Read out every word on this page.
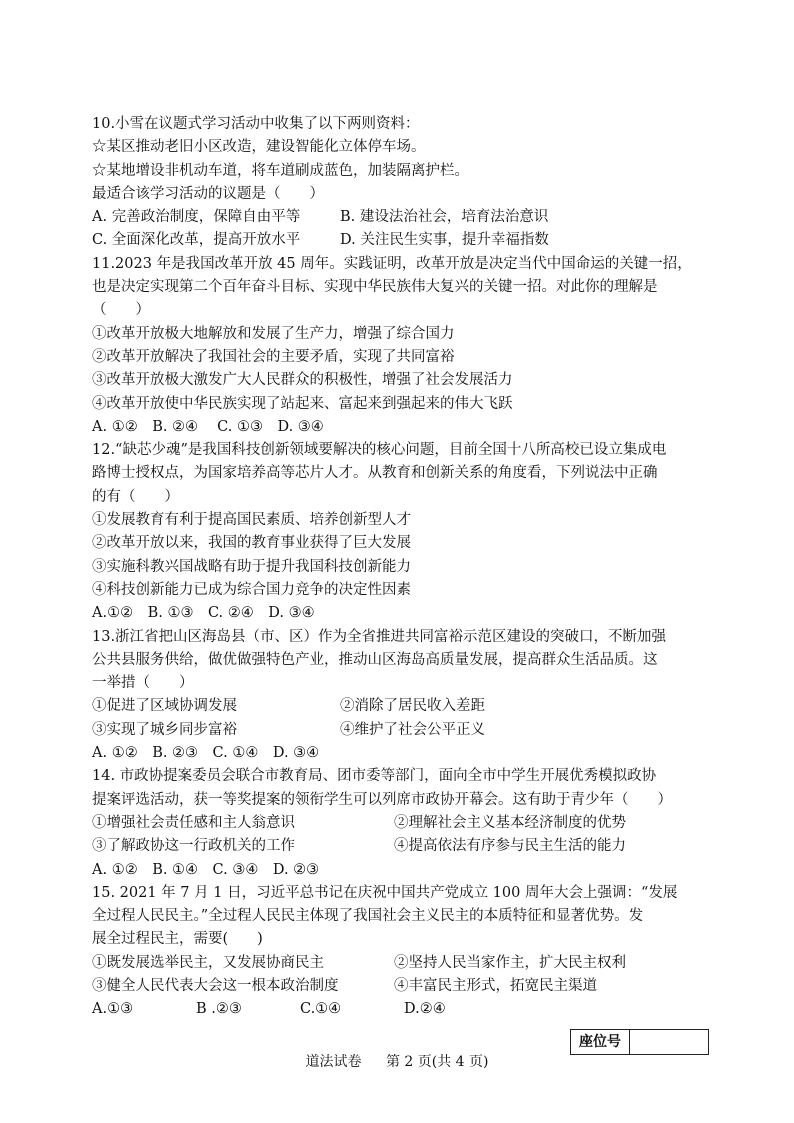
10.小雪在议题式学习活动中收集了以下两则资料：
☆某区推动老旧小区改造，建设智能化立体停车场。
☆某地增设非机动车道，将车道刷成蓝色，加装隔离护栏。
最适合该学习活动的议题是（　　）
A. 完善政治制度，保障自由平等	B. 建设法治社会，培育法治意识
C. 全面深化改革，提高开放水平	D. 关注民生实事，提升幸福指数
11.2023 年是我国改革开放 45 周年。实践证明，改革开放是决定当代中国命运的关键一招，
也是决定实现第二个百年奋斗目标、实现中华民族伟大复兴的关键一招。对此你的理解是
（　　）
①改革开放极大地解放和发展了生产力，增强了综合国力
②改革开放解决了我国社会的主要矛盾，实现了共同富裕
③改革开放极大激发广大人民群众的积极性，增强了社会发展活力
④改革开放使中华民族实现了站起来、富起来到强起来的伟大飞跃
A. ①②　B. ②④　 C. ①③　D. ③④
12.“缺芯少魂”是我国科技创新领域要解决的核心问题，目前全国十八所高校已设立集成电
路博士授权点，为国家培养高等芯片人才。从教育和创新关系的角度看，下列说法中正确
的有（　　）
①发展教育有利于提高国民素质、培养创新型人才
②改革开放以来，我国的教育事业获得了巨大发展
③实施科教兴国战略有助于提升我国科技创新能力
④科技创新能力已成为综合国力竞争的决定性因素
A.①②　B. ①③　C. ②④　D. ③④
13.浙江省把山区海岛县（市、区）作为全省推进共同富裕示范区建设的突破口，不断加强
公共县服务供给，做优做强特色产业，推动山区海岛高质量发展，提高群众生活品质。这
一举措（　　）
①促进了区域协调发展	②消除了居民收入差距
③实现了城乡同步富裕	④维护了社会公平正义
A. ①②　B. ②③　C. ①④　D. ③④
14. 市政协提案委员会联合市教育局、团市委等部门，面向全市中学生开展优秀模拟政协
提案评选活动，获一等奖提案的领衔学生可以列席市政协开幕会。这有助于青少年（　　）
①增强社会责任感和主人翁意识	②理解社会主义基本经济制度的优势
③了解政协这一行政机关的工作	④提高依法有序参与民主生活的能力
A. ①②　B. ①④　C. ③④　D. ②③
15. 2021 年 7 月 1 日，习近平总书记在庆祝中国共产党成立 100 周年大会上强调：“发展
全过程人民民主。”全过程人民民主体现了我国社会主义民主的本质特征和显著优势。发
展全过程民主，需要(　　)
①既发展选举民主，又发展协商民主	②坚持人民当家作主，扩大民主权利
③健全人民代表大会这一根本政治制度	④丰富民主形式，拓宽民主渠道
A.①③	B .②③	C.①④	D.②④
座位号
道法试卷 第 2 页(共 4 页)
